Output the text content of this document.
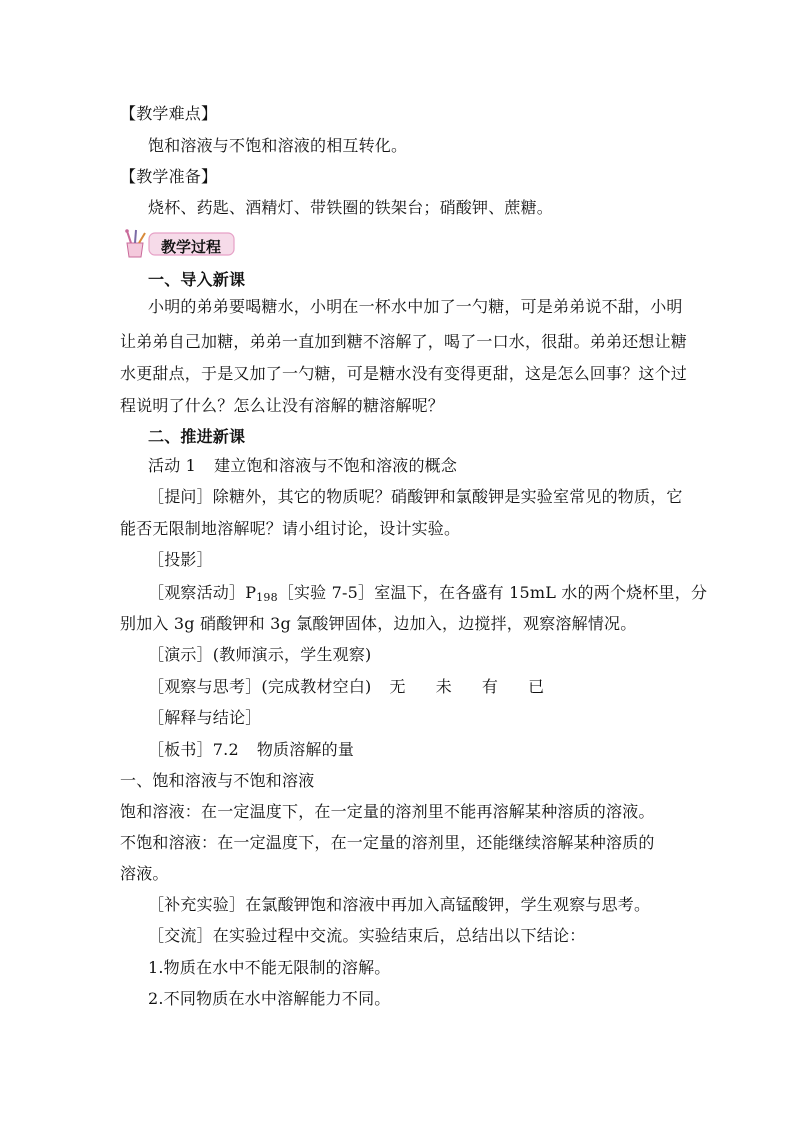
【教学难点】
饱和溶液与不饱和溶液的相互转化。
【教学准备】
烧杯、药匙、酒精灯、带铁圈的铁架台；硝酸钾、蔗糖。
教学过程
一、导入新课
小明的弟弟要喝糖水，小明在一杯水中加了一勺糖，可是弟弟说不甜，小明
让弟弟自己加糖，弟弟一直加到糖不溶解了，喝了一口水，很甜。弟弟还想让糖
水更甜点，于是又加了一勺糖，可是糖水没有变得更甜，这是怎么回事？这个过
程说明了什么？怎么让没有溶解的糖溶解呢？
二、推进新课
活动 1 建立饱和溶液与不饱和溶液的概念
［提问］除糖外，其它的物质呢？硝酸钾和氯酸钾是实验室常见的物质，它
能否无限制地溶解呢？请小组讨论，设计实验。
［投影］
［观察活动］P198［实验 7-5］室温下，在各盛有 15mL 水的两个烧杯里，分
别加入 3g 硝酸钾和 3g 氯酸钾固体，边加入，边搅拌，观察溶解情况。
［演示］(教师演示，学生观察)
［观察与思考］(完成教材空白) 无 未 有 已
［解释与结论］
［板书］7.2 物质溶解的量
一、饱和溶液与不饱和溶液
饱和溶液：在一定温度下，在一定量的溶剂里不能再溶解某种溶质的溶液。
不饱和溶液：在一定温度下，在一定量的溶剂里，还能继续溶解某种溶质的
溶液。
［补充实验］在氯酸钾饱和溶液中再加入高锰酸钾，学生观察与思考。
［交流］在实验过程中交流。实验结束后，总结出以下结论：
1.物质在水中不能无限制的溶解。
2.不同物质在水中溶解能力不同。
